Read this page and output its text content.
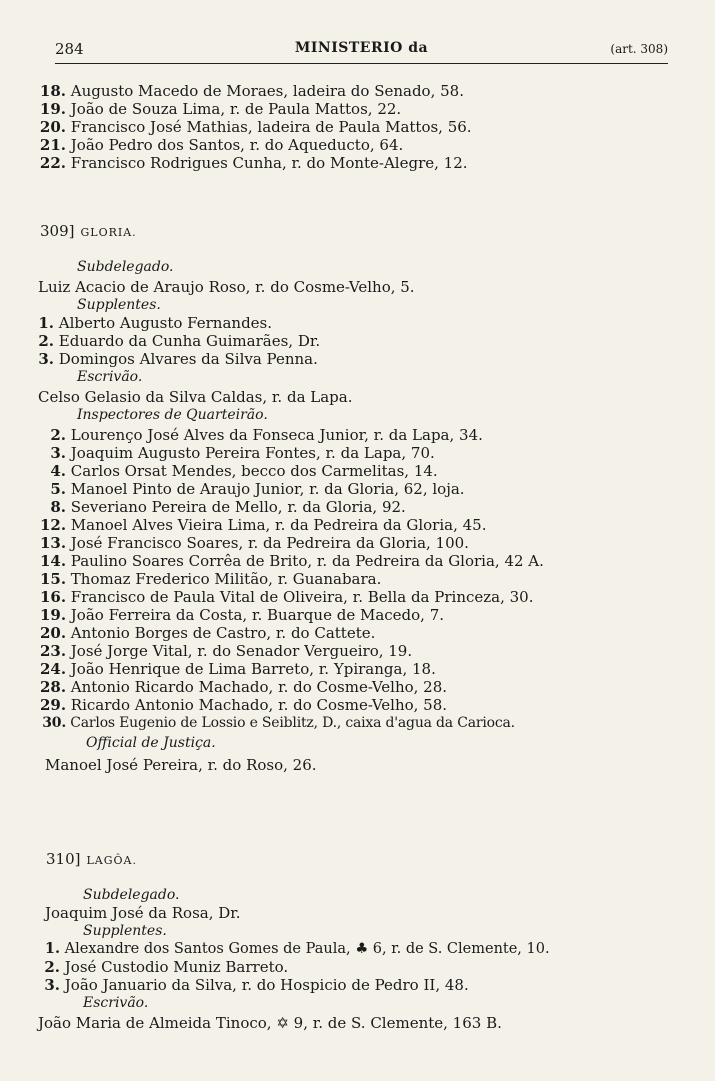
284	MINISTERIO da	(art. 308)
18. Augusto Macedo de Moraes, ladeira do Senado, 58.
19. João de Souza Lima, r. de Paula Mattos, 22.
20. Francisco José Mathias, ladeira de Paula Mattos, 56.
21. João Pedro dos Santos, r. do Aqueducto, 64.
22. Francisco Rodrigues Cunha, r. do Monte-Alegre, 12.
309] GLORIA.
Subdelegado.
Luiz Acacio de Araujo Roso, r. do Cosme-Velho, 5.
Supplentes.
1. Alberto Augusto Fernandes.
2. Eduardo da Cunha Guimarães, Dr.
3. Domingos Alvares da Silva Penna.
Escrivão.
Celso Gelasio da Silva Caldas, r. da Lapa.
Inspectores de Quarteirão.
2. Lourenço José Alves da Fonseca Junior, r. da Lapa, 34.
3. Joaquim Augusto Pereira Fontes, r. da Lapa, 70.
4. Carlos Orsat Mendes, becco dos Carmelitas, 14.
5. Manoel Pinto de Araujo Junior, r. da Gloria, 62, loja.
8. Severiano Pereira de Mello, r. da Gloria, 92.
12. Manoel Alves Vieira Lima, r. da Pedreira da Gloria, 45.
13. José Francisco Soares, r. da Pedreira da Gloria, 100.
14. Paulino Soares Corrêa de Brito, r. da Pedreira da Gloria, 42 A.
15. Thomaz Frederico Militão, r. Guanabara.
16. Francisco de Paula Vital de Oliveira, r. Bella da Princeza, 30.
19. João Ferreira da Costa, r. Buarque de Macedo, 7.
20. Antonio Borges de Castro, r. do Cattete.
23. José Jorge Vital, r. do Senador Vergueiro, 19.
24. João Henrique de Lima Barreto, r. Ypiranga, 18.
28. Antonio Ricardo Machado, r. do Cosme-Velho, 28.
29. Ricardo Antonio Machado, r. do Cosme-Velho, 58.
30. Carlos Eugenio de Lossio e Seiblitz, D., caixa d'agua da Carioca.
Official de Justiça.
Manoel José Pereira, r. do Roso, 26.
310] LAGÔA.
Subdelegado.
Joaquim José da Rosa, Dr.
Supplentes.
1. Alexandre dos Santos Gomes de Paula, ♣ 6, r. de S. Clemente, 10.
2. José Custodio Muniz Barreto.
3. João Januario da Silva, r. do Hospicio de Pedro II, 48.
Escrivão.
João Maria de Almeida Tinoco, ✡ 9, r. de S. Clemente, 163 B.
